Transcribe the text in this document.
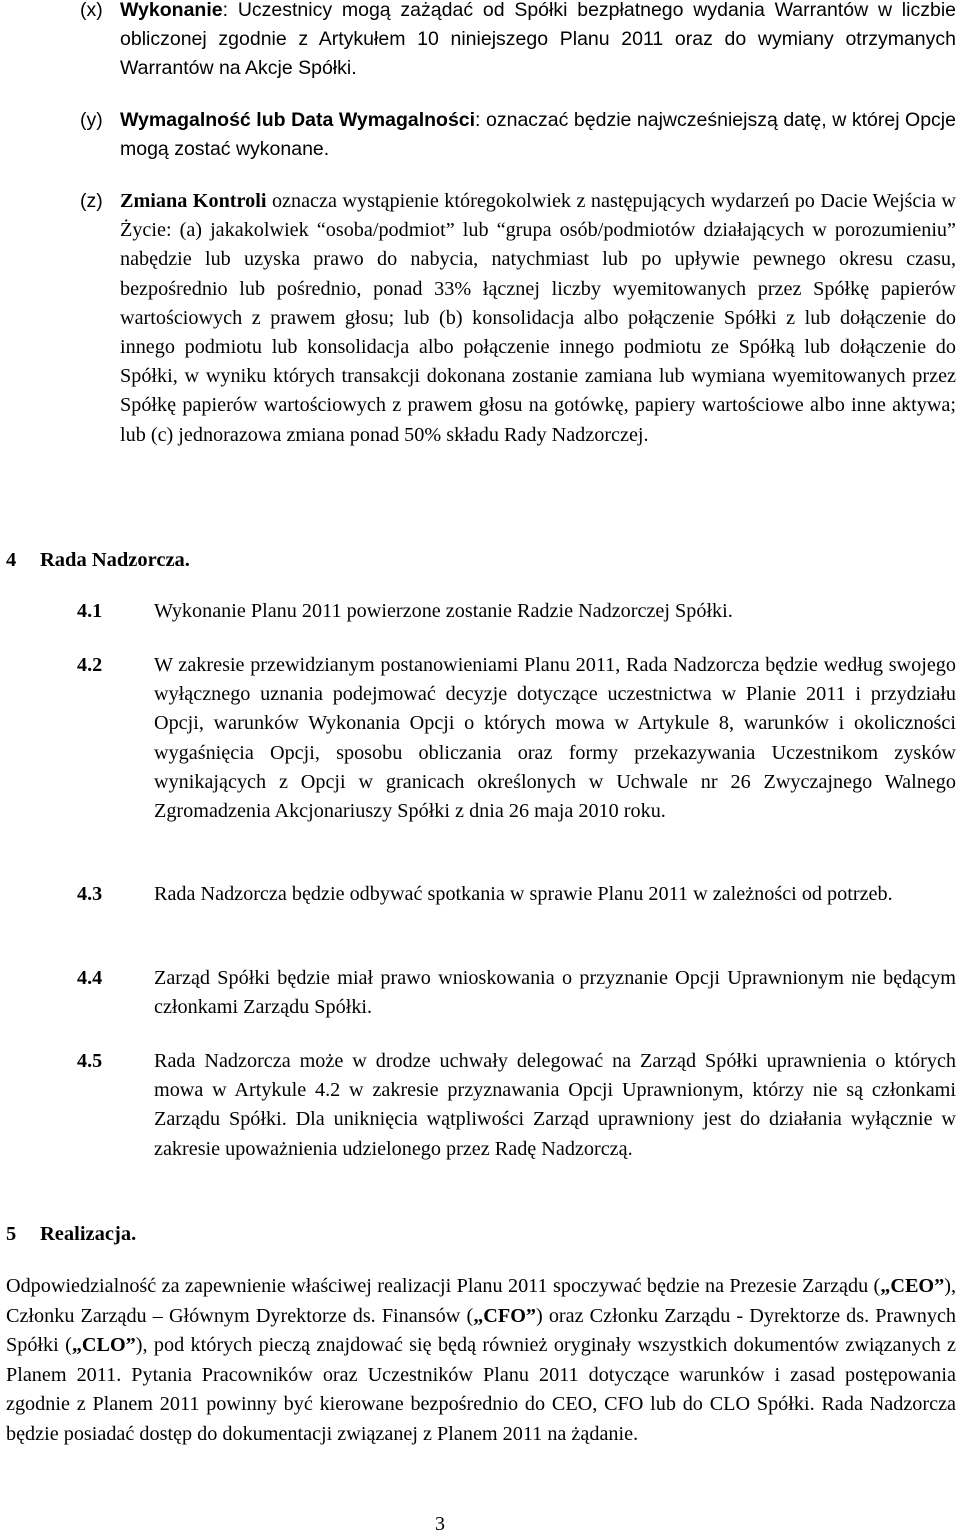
(x) Wykonanie: Uczestnicy mogą zażądać od Spółki bezpłatnego wydania Warrantów w liczbie obliczonej zgodnie z Artykułem 10 niniejszego Planu 2011 oraz do wymiany otrzymanych Warrantów na Akcje Spółki.
(y) Wymagalność lub Data Wymagalności: oznaczać będzie najwcześniejszą datę, w której Opcje mogą zostać wykonane.
(z) Zmiana Kontroli oznacza wystąpienie któregokolwiek z następujących wydarzeń po Dacie Wejścia w Życie: (a) jakakolwiek “osoba/podmiot” lub “grupa osób/podmiotów działających w porozumieniu” nabędzie lub uzyska prawo do nabycia, natychmiast lub po upływie pewnego okresu czasu, bezpośrednio lub pośrednio, ponad 33% łącznej liczby wyemitowanych przez Spółkę papierów wartościowych z prawem głosu; lub (b) konsolidacja albo połączenie Spółki z lub dołączenie do innego podmiotu lub konsolidacja albo połączenie innego podmiotu ze Spółką lub dołączenie do Spółki, w wyniku których transakcji dokonana zostanie zamiana lub wymiana wyemitowanych przez Spółkę papierów wartościowych z prawem głosu na gotówkę, papiery wartościowe albo inne aktywa; lub (c) jednorazowa zmiana ponad 50% składu Rady Nadzorczej.
4 Rada Nadzorcza.
4.1	Wykonanie Planu 2011 powierzone zostanie Radzie Nadzorczej Spółki.
4.2	W zakresie przewidzianym postanowieniami Planu 2011, Rada Nadzorcza będzie według swojego wyłącznego uznania podejmować decyzje dotyczące uczestnictwa w Planie 2011 i przydziału Opcji, warunków Wykonania Opcji o których mowa w Artykule 8, warunków i okoliczności wygaśnięcia Opcji, sposobu obliczania oraz formy przekazywania Uczestnikom zysków wynikających z Opcji w granicach określonych w Uchwale nr 26 Zwyczajnego Walnego Zgromadzenia Akcjonariuszy Spółki z dnia 26 maja 2010 roku.
4.3	Rada Nadzorcza będzie odbywać spotkania w sprawie Planu 2011 w zależności od potrzeb.
4.4	Zarząd Spółki będzie miał prawo wnioskowania o przyznanie Opcji Uprawnionym nie będącym członkami Zarządu Spółki.
4.5	Rada Nadzorcza może w drodze uchwały delegować na Zarząd Spółki uprawnienia o których mowa w Artykule 4.2 w zakresie przyznawania Opcji Uprawnionym, którzy nie są członkami Zarządu Spółki. Dla uniknięcia wątpliwości Zarząd uprawniony jest do działania wyłącznie w zakresie upoważnienia udzielonego przez Radę Nadzorczą.
5 Realizacja.
Odpowiedzialność za zapewnienie właściwej realizacji Planu 2011 spoczywać będzie na Prezesie Zarządu („CEO”), Członku Zarządu – Głównym Dyrektorze ds. Finansów („CFO”) oraz Członku Zarządu - Dyrektorze ds. Prawnych Spółki („CLO”), pod których pieczą znajdować się będą również oryginały wszystkich dokumentów związanych z Planem 2011. Pytania Pracowników oraz Uczestników Planu 2011 dotyczące warunków i zasad postępowania zgodnie z Planem 2011 powinny być kierowane bezpośrednio do CEO, CFO lub do CLO Spółki. Rada Nadzorcza będzie posiadać dostęp do dokumentacji związanej z Planem 2011 na żądanie.
3
